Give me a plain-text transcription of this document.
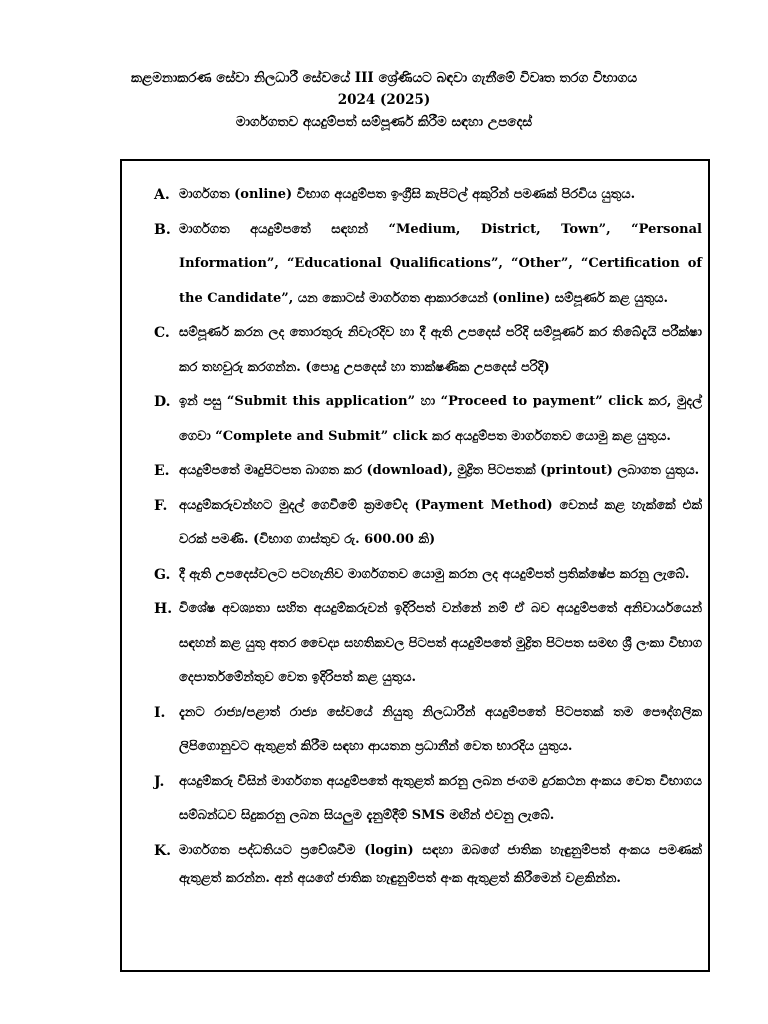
කළමනාකරණ සේවා නිලධාරී සේවයේ III ශ්‍රේණියට බඳවා ගැනීමේ විවෘත තරග විභාගය
2024 (2025)
මාර්ගගතව අයදුම්පත් සම්පූර්ණ කිරීම සඳහා උපදෙස්
A. මාර්ගගත (online) විභාග අයදුම්පත ඉංග්‍රීසි කැපිටල් අකුරින් පමණක් පිරවිය යුතුය.
B. මාර්ගගත අයදුම්පතේ සඳහන් “Medium, District, Town”, “Personal Information”, “Educational Qualifications”, “Other”, “Certification of the Candidate”, යන කොටස් මාර්ගගත ආකාරයෙන් (online) සම්පූර්ණ කළ යුතුය.
C. සම්පූර්ණ කරන ලද තොරතුරු නිවැරදිව හා දී ඇති උපදෙස් පරිදි සම්පූර්ණ කර තිබේදැයි පරීක්ෂා කර තහවුරු කරගන්න. (පොදු උපදෙස් හා තාක්ෂණික උපදෙස් පරිදි)
D. ඉන් පසු “Submit this application” හා “Proceed to payment” click කර, මුදල් ගෙවා “Complete and Submit” click කර අයදුම්පත මාර්ගගතව යොමු කළ යුතුය.
E. අයදුම්පතේ මෘදුපිටපත බාගත කර (download), මුද්‍රිත පිටපතක් (printout) ලබාගත යුතුය.
F. අයදුම්කරුවන්හට මුදල් ගෙවීමේ ක්‍රමවේද (Payment Method) වෙනස් කළ හැක්කේ එක් වරක් පමණි. (විභාග ගාස්තුව රු. 600.00 කි)
G. දී ඇති උපදෙස්වලට පටහැනිව මාර්ගගතව යොමු කරන ලද අයදුම්පත් ප්‍රතික්ෂේප කරනු ලැබේ.
H. විශේෂ අවශ්‍යතා සහිත අයදුම්කරුවන් ඉදිරිපත් වන්නේ නම් ඒ බව අයදුම්පතේ අනිවාර්යයෙන් සඳහන් කළ යුතු අතර වෛද්‍ය සහතිකවල පිටපත් අයදුම්පතේ මුද්‍රිත පිටපත සමඟ ශ්‍රී ලංකා විභාග දෙපාර්තමේන්තුව වෙත ඉදිරිපත් කළ යුතුය.
I.	දැනට රාජ්‍ය/පළාත් රාජ්‍ය සේවයේ නියුතු නිලධාරීන් අයදුම්පතේ පිටපතක් තම පෞද්ගලික ලිපිගොනුවට ඇතුළත් කිරීම සඳහා ආයතන ප්‍රධානීන් වෙත භාරදිය යුතුය.
J.	අයදුම්කරු විසින් මාර්ගගත අයදුම්පතේ ඇතුළත් කරනු ලබන ජංගම දුරකථන අංකය වෙත විභාගය සම්බන්ධව සිදුකරනු ලබන සියලුම දැනුම්දීම් SMS මඟින් එවනු ලැබේ.
K. මාර්ගගත පද්ධතියට ප්‍රවේශවීම (login) සඳහා ඔබගේ ජාතික හැඳුනුම්පත් අංකය පමණක් ඇතුළත් කරන්න. අන් අයගේ ජාතික හැඳුනුම්පත් අංක ඇතුළත් කිරීමෙන් වළකින්න.
